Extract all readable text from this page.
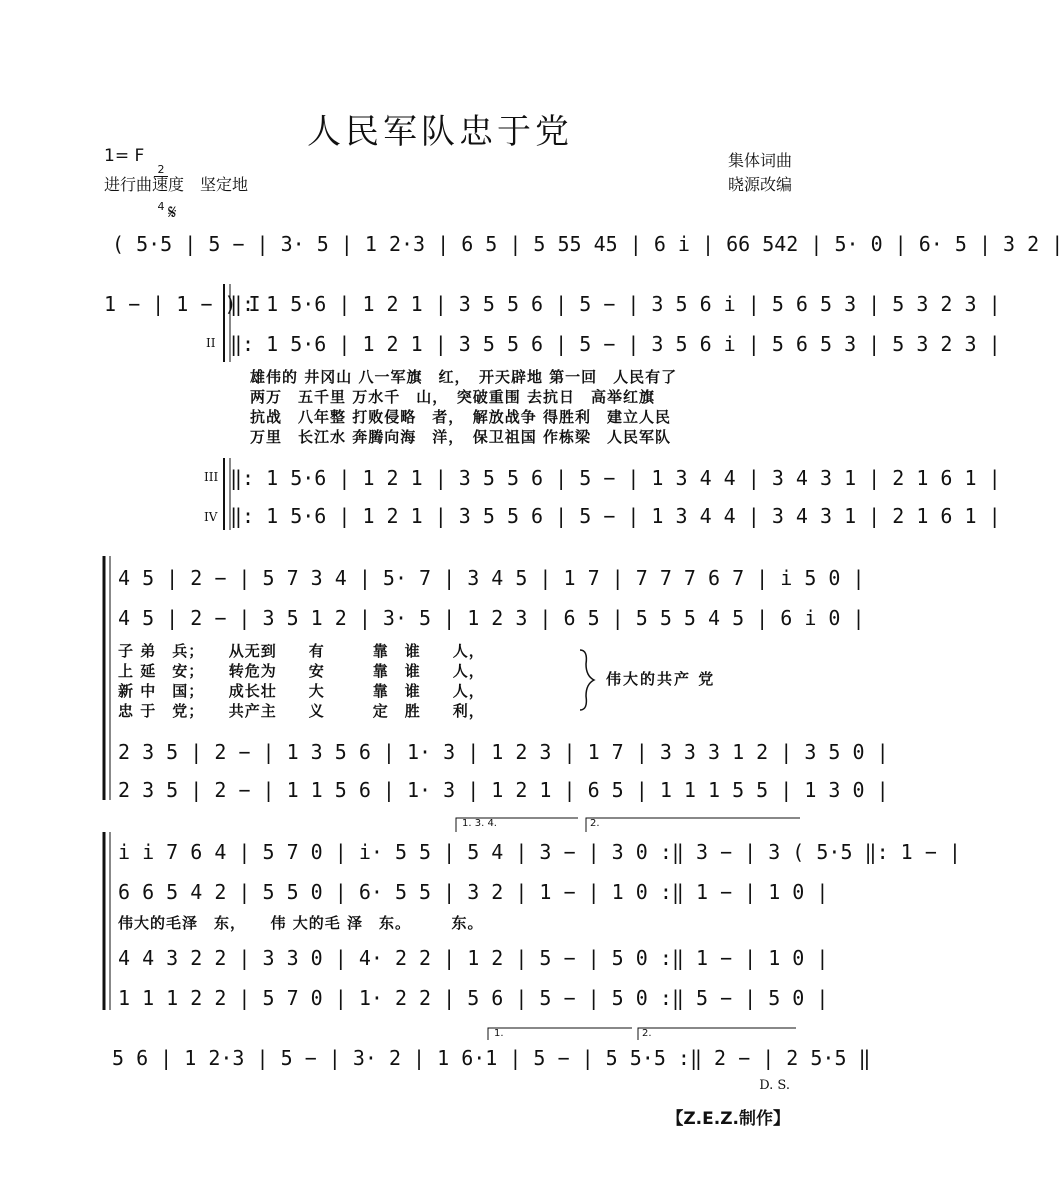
人民军队忠于党
1= F

$\frac{2}{4}$

进行曲速度　坚定地
集体词曲
晓源改编
𝄋
( 5·5 | 5 − | 3· 5 | 1 2·3 | 6 5 | 5 55 45 | 6 i | 66 542 | 5· 0 | 6· 5 | 3 2 |
1 − | 1 − ) I
II
‖: 1 5·6 | 1 2 1 | 3 5 5 6 | 5 − | 3 5 6 i | 5 6 5 3 | 5 3 2 3 |
‖: 1 5·6 | 1 2 1 | 3 5 5 6 | 5 − | 3 5 6 i | 5 6 5 3 | 5 3 2 3 |
雄伟的 井冈山 八一军旗　红，　开天辟地 第一回　人民有了
两万　五千里 万水千　山，　突破重围 去抗日　高举红旗
抗战　八年整 打败侵略　者，　解放战争 得胜利　建立人民
万里　长江水 奔腾向海　洋，　保卫祖国 作栋梁　人民军队
III ‖: 1 5·6 | 1 2 1 | 3 5 5 6 | 5 − | 1 3 4 4 | 3 4 3 1 | 2 1 6 1 |
IV ‖: 1 5·6 | 1 2 1 | 3 5 5 6 | 5 − | 1 3 4 4 | 3 4 3 1 | 2 1 6 1 |
4 5 | 2 − | 5 7 3 4 | 5· 7 | 3 4 5 | 1 7 | 7 7 7 6 7 | i 5 0 |
4 5 | 2 − | 3 5 1 2 | 3· 5 | 1 2 3 | 6 5 | 5 5 5 4 5 | 6 i 0 |
子 弟　兵；　　从无到　　有　　　靠　谁　　人，
上 延　安；　　转危为　　安　　　靠　谁　　人，
新 中　国；　　成长壮　　大　　　靠　谁　　人，
忠 于　党；　　共产主　　义　　　定　胜　　利，
伟大的共产 党
2 3 5 | 2 − | 1 3 5 6 | 1· 3 | 1 2 3 | 1 7 | 3 3 3 1 2 | 3 5 0 |
2 3 5 | 2 − | 1 1 5 6 | 1· 3 | 1 2 1 | 6 5 | 1 1 1 5 5 | 1 3 0 |
1. 3. 4.	2.
i i 7 6 4 | 5 7 0 | i· 5 5 | 5 4 | 3 − | 3 0 :‖ 3 − | 3 ( 5·5 ‖: 1 − |
6 6 5 4 2 | 5 5 0 | 6· 5 5 | 3 2 | 1 − | 1 0 :‖ 1 − | 1 0 |
伟大的毛泽　东，　　伟 大的毛 泽　东。　　　东。
4 4 3 2 2 | 3 3 0 | 4· 2 2 | 1 2 | 5 − | 5 0 :‖ 1 − | 1 0 |
1 1 1 2 2 | 5 7 0 | 1· 2 2 | 5 6 | 5 − | 5 0 :‖ 5 − | 5 0 |
1.	2.
5 6 | 1 2·3 | 5 − | 3· 2 | 1 6·1 | 5 − | 5 5·5 :‖ 2 − | 2 5·5 ‖
D. S.
【Z.E.Z.制作】
